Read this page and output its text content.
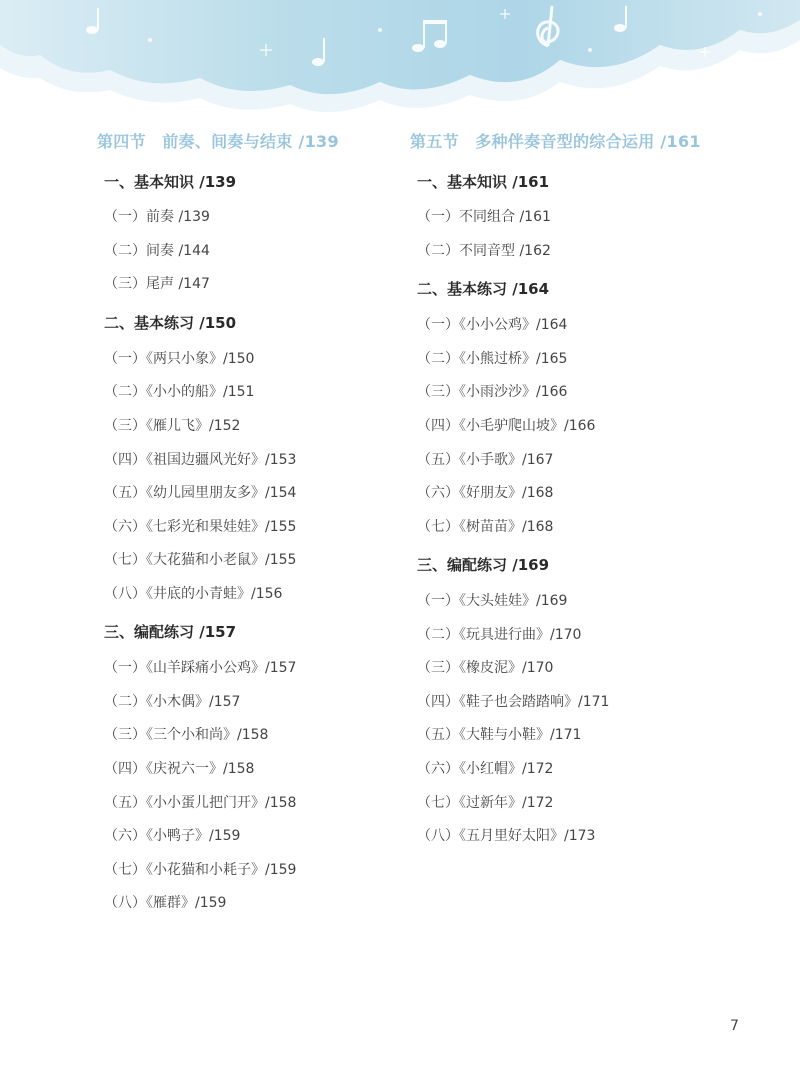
第四节　前奏、间奏与结束 /139
一、基本知识 /139
（一）前奏 /139
（二）间奏 /144
（三）尾声 /147
二、基本练习 /150
（一）《两只小象》/150
（二）《小小的船》/151
（三）《雁儿飞》/152
（四）《祖国边疆风光好》/153
（五）《幼儿园里朋友多》/154
（六）《七彩光和果娃娃》/155
（七）《大花猫和小老鼠》/155
（八）《井底的小青蛙》/156
三、编配练习 /157
（一）《山羊踩痛小公鸡》/157
（二）《小木偶》/157
（三）《三个小和尚》/158
（四）《庆祝六一》/158
（五）《小小蛋儿把门开》/158
（六）《小鸭子》/159
（七）《小花猫和小耗子》/159
（八）《雁群》/159
第五节　多种伴奏音型的综合运用 /161
一、基本知识 /161
（一）不同组合 /161
（二）不同音型 /162
二、基本练习 /164
（一）《小小公鸡》/164
（二）《小熊过桥》/165
（三）《小雨沙沙》/166
（四）《小毛驴爬山坡》/166
（五）《小手歌》/167
（六）《好朋友》/168
（七）《树苗苗》/168
三、编配练习 /169
（一）《大头娃娃》/169
（二）《玩具进行曲》/170
（三）《橡皮泥》/170
（四）《鞋子也会踏踏响》/171
（五）《大鞋与小鞋》/171
（六）《小红帽》/172
（七）《过新年》/172
（八）《五月里好太阳》/173
7
